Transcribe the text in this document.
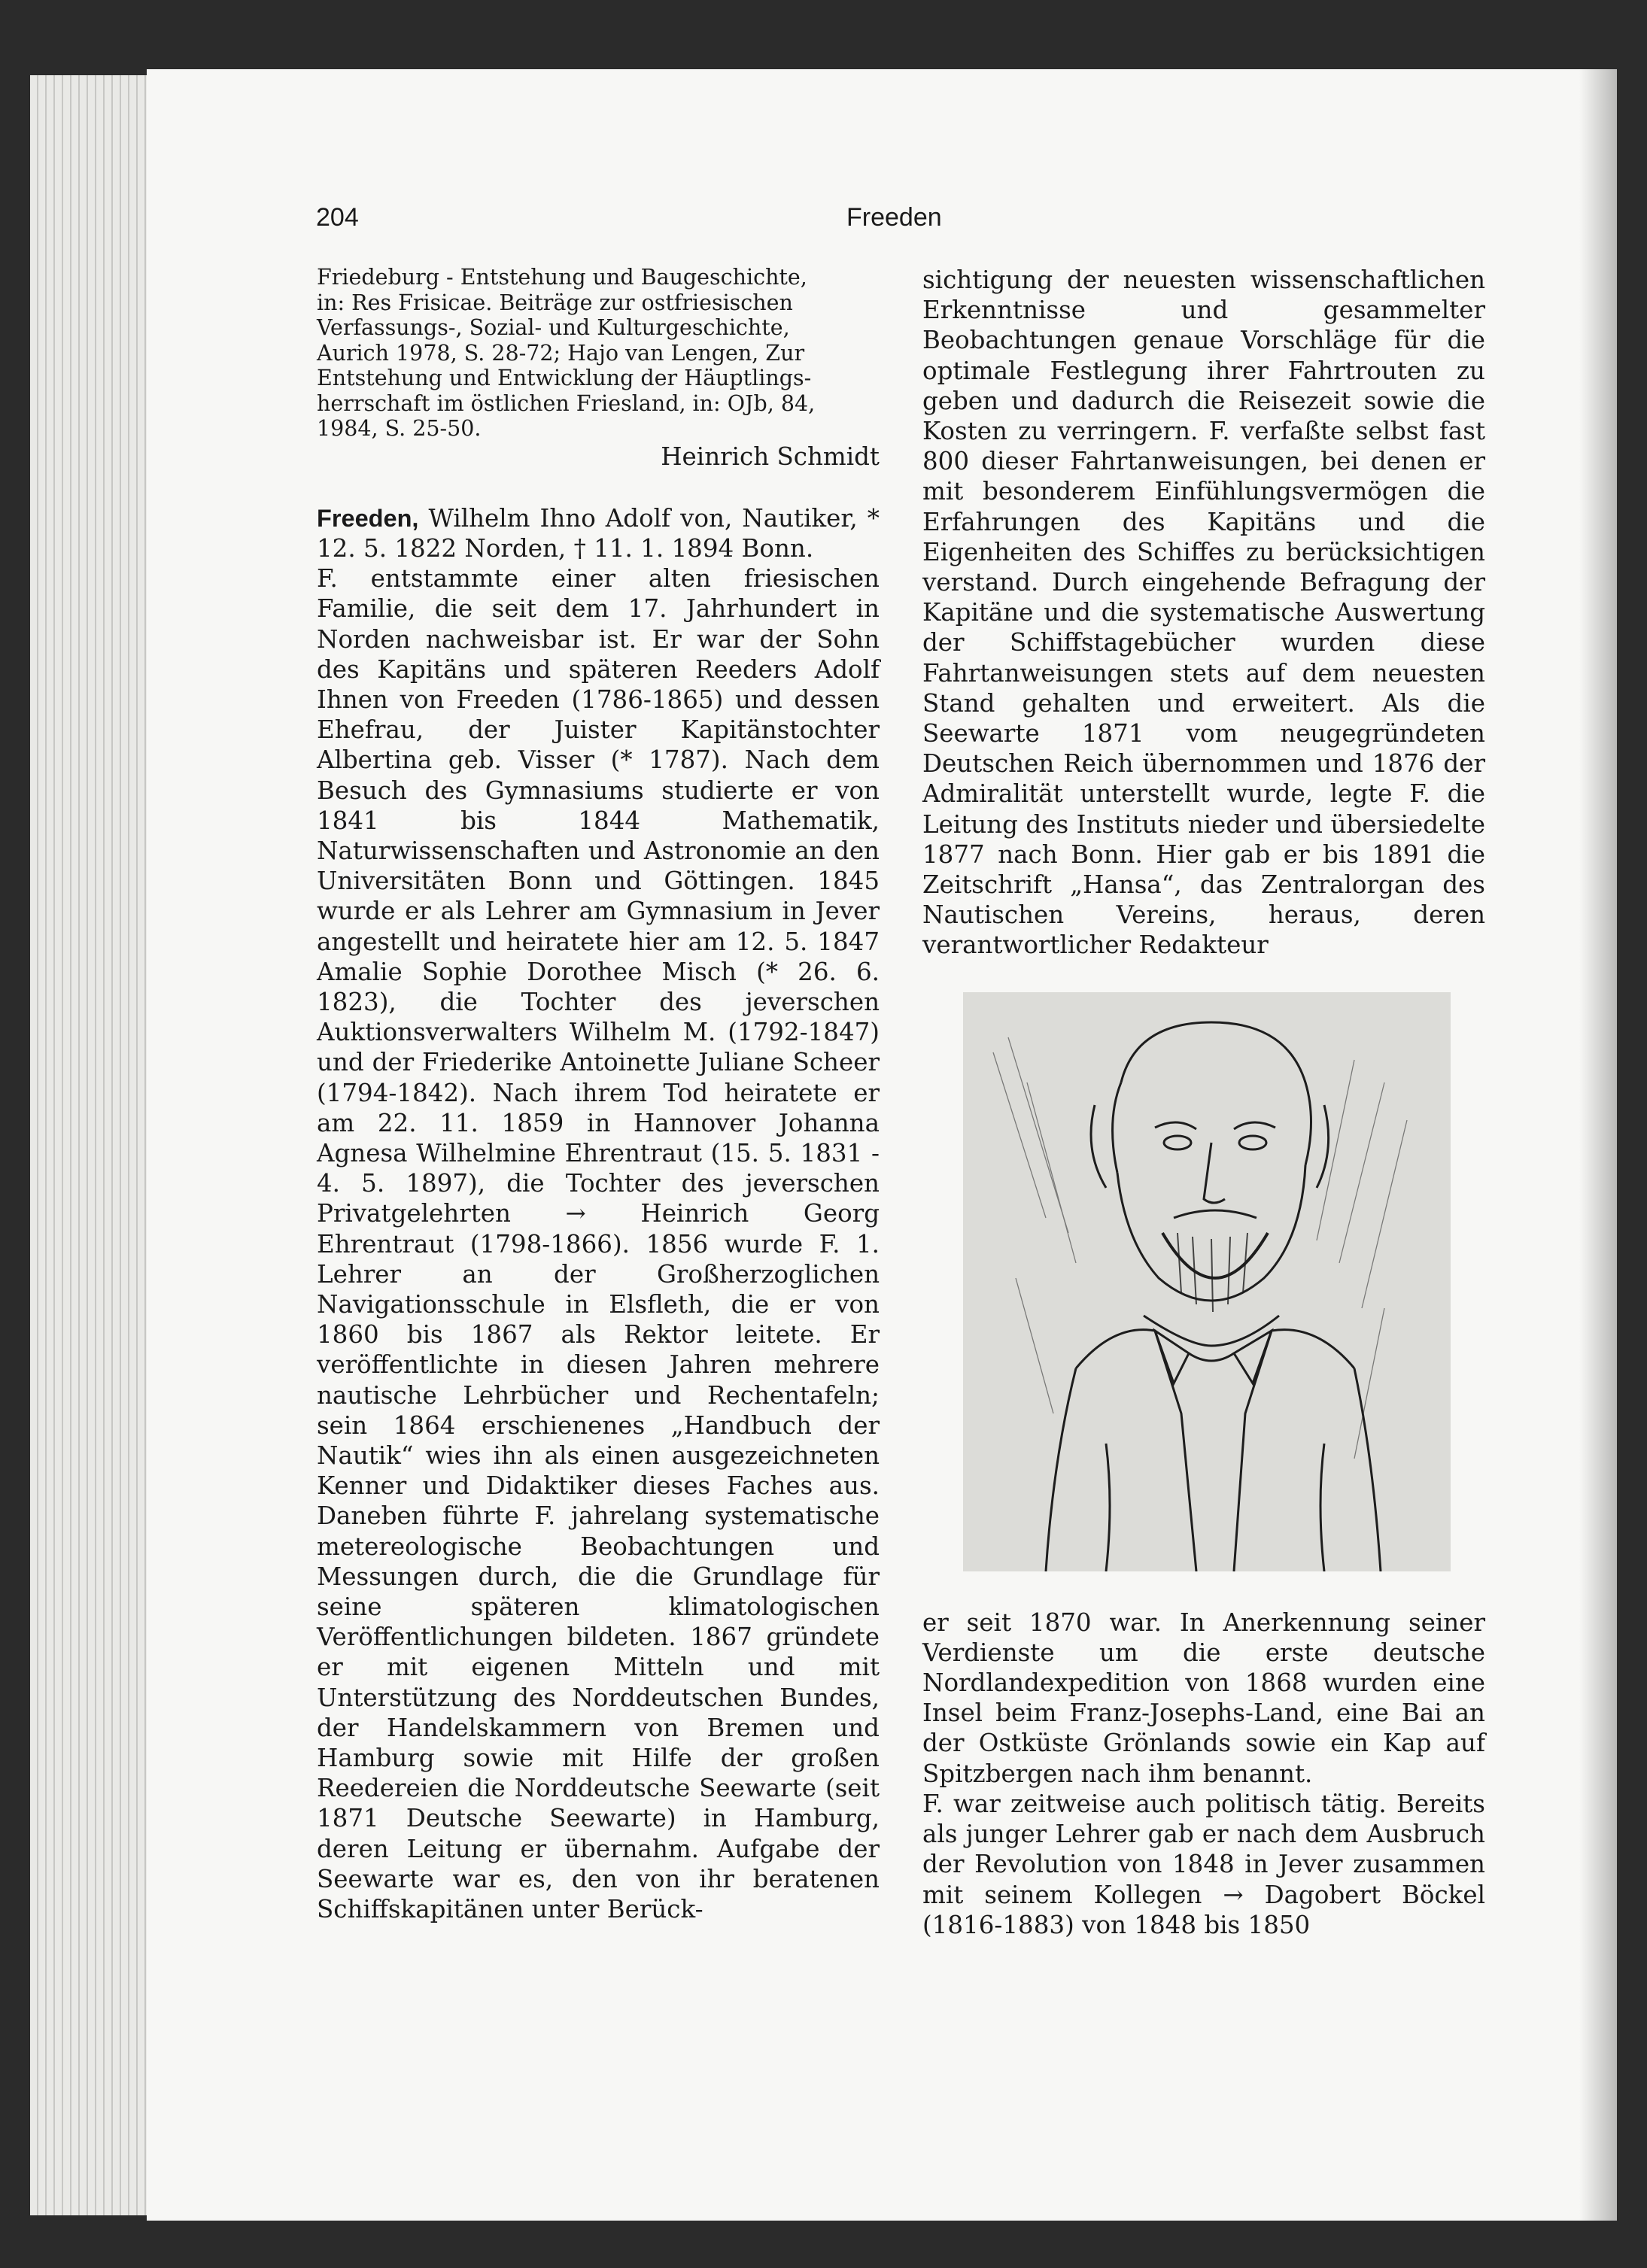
204	Freeden
Friedeburg - Entstehung und Baugeschichte,
in: Res Frisicae. Beiträge zur ostfriesischen
Verfassungs-, Sozial- und Kulturgeschichte,
Aurich 1978, S. 28-72; Hajo van Lengen, Zur
Entstehung und Entwicklung der Häuptlings-
herrschaft im östlichen Friesland, in: OJb, 84,
1984, S. 25-50.

Heinrich Schmidt

Freeden, Wilhelm Ihno Adolf von, Nautiker, * 12. 5. 1822 Norden, † 11. 1. 1894 Bonn.

F. entstammte einer alten friesischen Familie, die seit dem 17. Jahrhundert in Norden nachweisbar ist. Er war der Sohn des Kapitäns und späteren Reeders Adolf Ihnen von Freeden (1786-1865) und dessen Ehefrau, der Juister Kapitänstochter Albertina geb. Visser (* 1787). Nach dem Besuch des Gymnasiums studierte er von 1841 bis 1844 Mathematik, Naturwissenschaften und Astronomie an den Universitäten Bonn und Göttingen. 1845 wurde er als Lehrer am Gymnasium in Jever angestellt und heiratete hier am 12. 5. 1847 Amalie Sophie Dorothee Misch (* 26. 6. 1823), die Tochter des jeverschen Auktionsverwalters Wilhelm M. (1792-1847) und der Friederike Antoinette Juliane Scheer (1794-1842). Nach ihrem Tod heiratete er am 22. 11. 1859 in Hannover Johanna Agnesa Wilhelmine Ehrentraut (15. 5. 1831 - 4. 5. 1897), die Tochter des jeverschen Privatgelehrten → Heinrich Georg Ehrentraut (1798-1866). 1856 wurde F. 1. Lehrer an der Großherzoglichen Navigationsschule in Elsfleth, die er von 1860 bis 1867 als Rektor leitete. Er veröffentlichte in diesen Jahren mehrere nautische Lehrbücher und Rechentafeln; sein 1864 erschienenes „Handbuch der Nautik“ wies ihn als einen ausgezeichneten Kenner und Didaktiker dieses Faches aus. Daneben führte F. jahrelang systematische metereologische Beobachtungen und Messungen durch, die die Grundlage für seine späteren klimatologischen Veröffentlichungen bildeten. 1867 gründete er mit eigenen Mitteln und mit Unterstützung des Norddeutschen Bundes, der Handelskammern von Bremen und Hamburg sowie mit Hilfe der großen Reedereien die Norddeutsche Seewarte (seit 1871 Deutsche Seewarte) in Hamburg, deren Leitung er übernahm. Aufgabe der Seewarte war es, den von ihr beratenen Schiffskapitänen unter Berück-

sichtigung der neuesten wissenschaftlichen Erkenntnisse und gesammelter Beobachtungen genaue Vorschläge für die optimale Festlegung ihrer Fahrtrouten zu geben und dadurch die Reisezeit sowie die Kosten zu verringern. F. verfaßte selbst fast 800 dieser Fahrtanweisungen, bei denen er mit besonderem Einfühlungsvermögen die Erfahrungen des Kapitäns und die Eigenheiten des Schiffes zu berücksichtigen verstand. Durch eingehende Befragung der Kapitäne und die systematische Auswertung der Schiffstagebücher wurden diese Fahrtanweisungen stets auf dem neuesten Stand gehalten und erweitert. Als die Seewarte 1871 vom neugegründeten Deutschen Reich übernommen und 1876 der Admiralität unterstellt wurde, legte F. die Leitung des Instituts nieder und übersiedelte 1877 nach Bonn. Hier gab er bis 1891 die Zeitschrift „Hansa“, das Zentralorgan des Nautischen Vereins, heraus, deren verantwortlicher Redakteur

er seit 1870 war. In Anerkennung seiner Verdienste um die erste deutsche Nordlandexpedition von 1868 wurden eine Insel beim Franz-Josephs-Land, eine Bai an der Ostküste Grönlands sowie ein Kap auf Spitzbergen nach ihm benannt.

F. war zeitweise auch politisch tätig. Bereits als junger Lehrer gab er nach dem Ausbruch der Revolution von 1848 in Jever zusammen mit seinem Kollegen → Dagobert Böckel (1816-1883) von 1848 bis 1850
